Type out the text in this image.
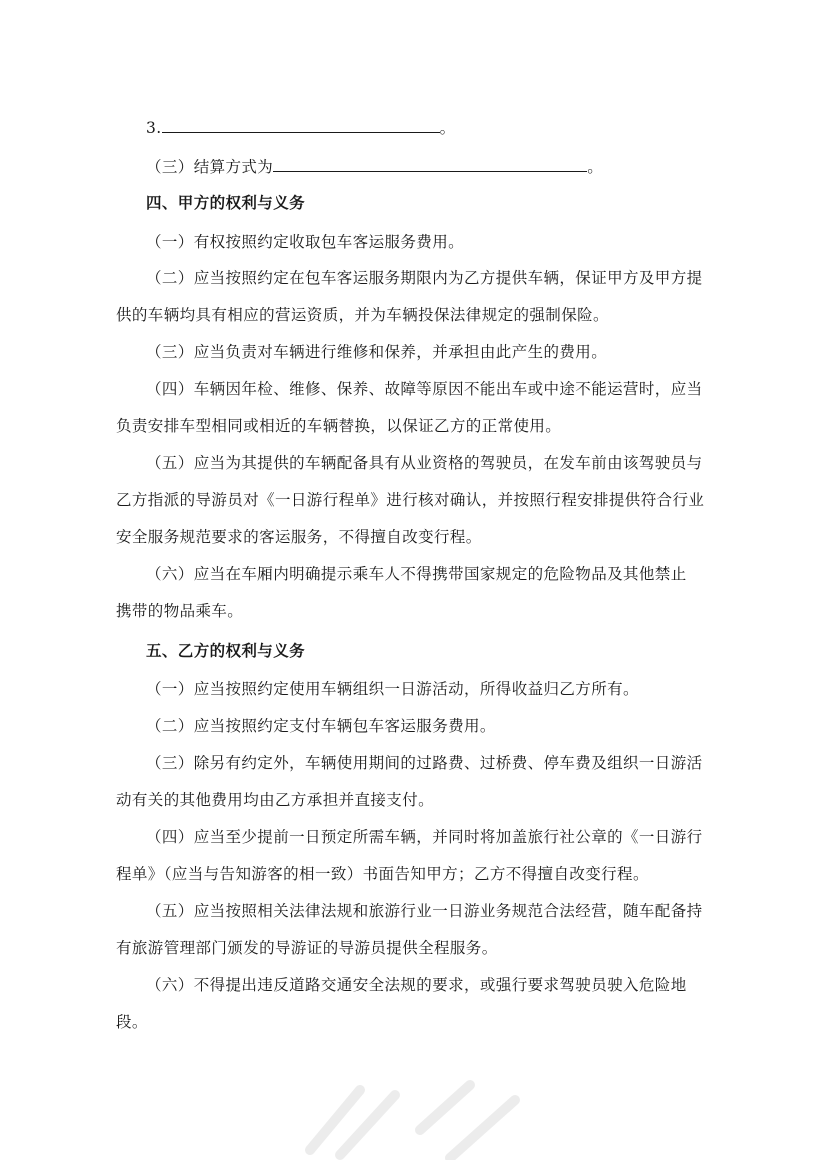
3.	。
（三）结算方式为	。
四、甲方的权利与义务
（一）有权按照约定收取包车客运服务费用。
（二）应当按照约定在包车客运服务期限内为乙方提供车辆，保证甲方及甲方提
供的车辆均具有相应的营运资质，并为车辆投保法律规定的强制保险。
（三）应当负责对车辆进行维修和保养，并承担由此产生的费用。
（四）车辆因年检、维修、保养、故障等原因不能出车或中途不能运营时，应当
负责安排车型相同或相近的车辆替换，以保证乙方的正常使用。
（五）应当为其提供的车辆配备具有从业资格的驾驶员，在发车前由该驾驶员与
乙方指派的导游员对《一日游行程单》进行核对确认，并按照行程安排提供符合行业
安全服务规范要求的客运服务，不得擅自改变行程。
（六）应当在车厢内明确提示乘车人不得携带国家规定的危险物品及其他禁止
携带的物品乘车。
五、乙方的权利与义务
（一）应当按照约定使用车辆组织一日游活动，所得收益归乙方所有。
（二）应当按照约定支付车辆包车客运服务费用。
（三）除另有约定外，车辆使用期间的过路费、过桥费、停车费及组织一日游活
动有关的其他费用均由乙方承担并直接支付。
（四）应当至少提前一日预定所需车辆，并同时将加盖旅行社公章的《一日游行
程单》（应当与告知游客的相一致）书面告知甲方；乙方不得擅自改变行程。
（五）应当按照相关法律法规和旅游行业一日游业务规范合法经营，随车配备持
有旅游管理部门颁发的导游证的导游员提供全程服务。
（六）不得提出违反道路交通安全法规的要求，或强行要求驾驶员驶入危险地
段。
